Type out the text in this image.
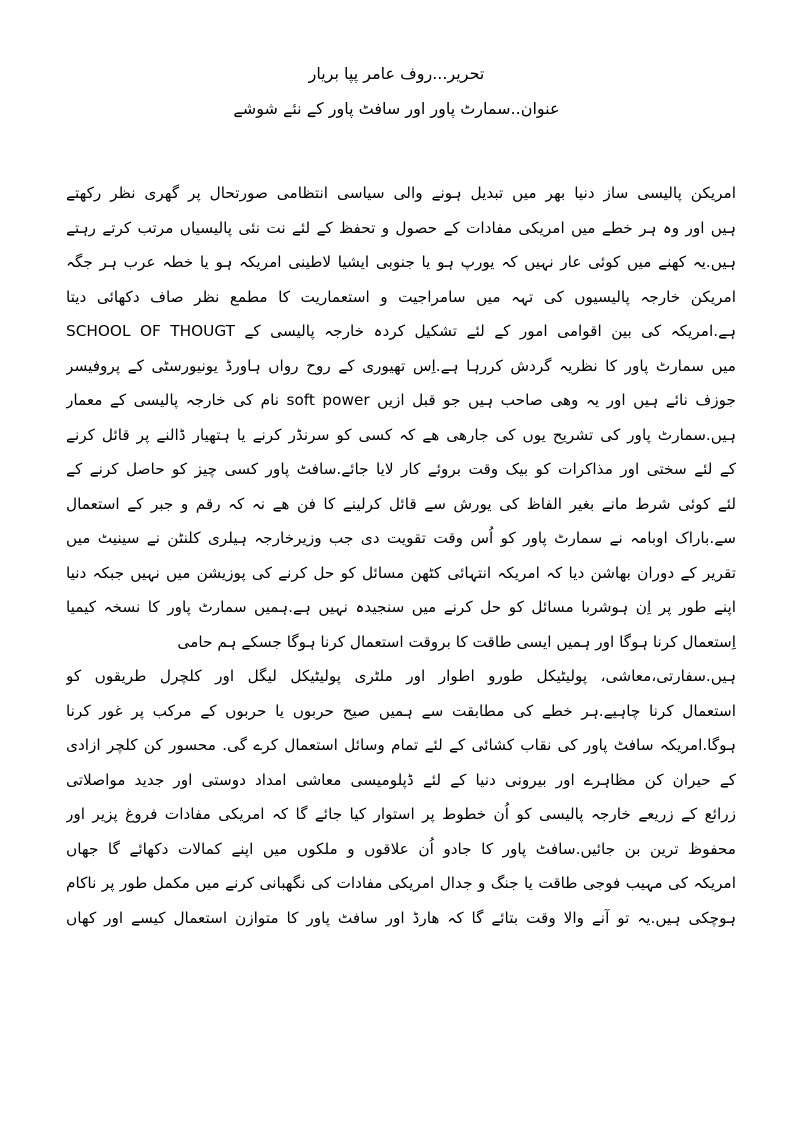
تحریر...روف عامر پپا بریار
عنوان..سمارٹ پاور اور سافٹ پاور کے نئے شوشے
امریکن پالیسی ساز دنیا بھر میں تبدیل ہونے والی سیاسی انتظامی صورتحال پر گھری نظر رکھتے
ہیں اور وہ ہر خطے میں امریکی مفادات کے حصول و تحفظ کے لئے نت نئی پالیسیاں مرتب کرتے رہتے
ہیں.یہ کھنے میں کوئی عار نہیں کہ یورپ ہو یا جنوبی ایشیا لاطینی امریکہ ہو یا خطہ عرب ہر جگہ
امریکن خارجہ پالیسیوں کی تہہ میں سامراجیت و استعماریت کا مطمع نظر صاف دکھائی دیتا
ہے.امریکہ کی بین اقوامی امور کے لئے تشکیل کردہ خارجہ پالیسی کے SCHOOL OF THOUGT
میں سمارٹ پاور کا نظریہ گردش کررہا ہے.اِس تھیوری کے روح رواں ہاورڈ یونیورسٹی کے پروفیسر
جوزف نائے ہیں اور یہ وھی صاحب ہیں جو قبل ازیں soft power نام کی خارجہ پالیسی کے معمار
ہیں.سمارٹ پاور کی تشریح یوں کی جارھی ھے کہ کسی کو سرنڈر کرنے یا ہتھیار ڈالنے پر قائل کرنے
کے لئے سختی اور مذاکرات کو بیک وقت بروئے کار لایا جائے.سافٹ پاور کسی چیز کو حاصل کرنے کے
لئے کوئی شرط مانے بغیر الفاظ کی یورش سے قائل کرلینے کا فن ھے نہ کہ رقم و جبر کے استعمال
سے.باراک اوبامہ نے سمارٹ پاور کو اُس وقت تقویت دی جب وزیرخارجہ ہیلری کلنٹن نے سینیٹ میں
تقریر کے دوران بھاشن دیا کہ امریکہ انتہائی کٹھن مسائل کو حل کرنے کی پوزیشن میں نہیں جبکہ دنیا
اپنے طور پر اِن ہوشربا مسائل کو حل کرنے میں سنجیدہ نہیں ہے.ہمیں سمارٹ پاور کا نسخہ کیمیا
اِستعمال کرنا ہوگا اور ہمیں ایسی طاقت کا بروقت استعمال کرنا ہوگا جسکے ہم حامی
ہیں.سفارتی،معاشی، پولیٹیکل طورو اطوار اور ملٹری پولیٹیکل لیگل اور کلچرل طریقوں کو
استعمال کرنا چاہیے.ہر خطے کی مطابقت سے ہمیں صیح حربوں یا حربوں کے مرکب پر غور کرنا
ہوگا.امریکہ سافٹ پاور کی نقاب کشائی کے لئے تمام وسائل استعمال کرے گی. محسور کن کلچر ازادی
کے حیران کن مظاہرے اور بیرونی دنیا کے لئے ڈپلومیسی معاشی امداد دوستی اور جدید مواصلاتی
زرائع کے زریعے خارجہ پالیسی کو اُن خطوط پر استوار کیا جائے گا کہ امریکی مفادات فروغ پزیر اور
محفوظ ترین بن جائیں.سافٹ پاور کا جادو اُن علاقوں و ملکوں میں اپنے کمالات دکھائے گا جھاں
امریکہ کی مہیب فوجی طاقت یا جنگ و جدال امریکی مفادات کی نگھبانی کرنے میں مکمل طور پر ناکام
ہوچکی ہیں.یہ تو آنے والا وقت بتائے گا کہ ھارڈ اور سافٹ پاور کا متوازن استعمال کیسے اور کھاں
